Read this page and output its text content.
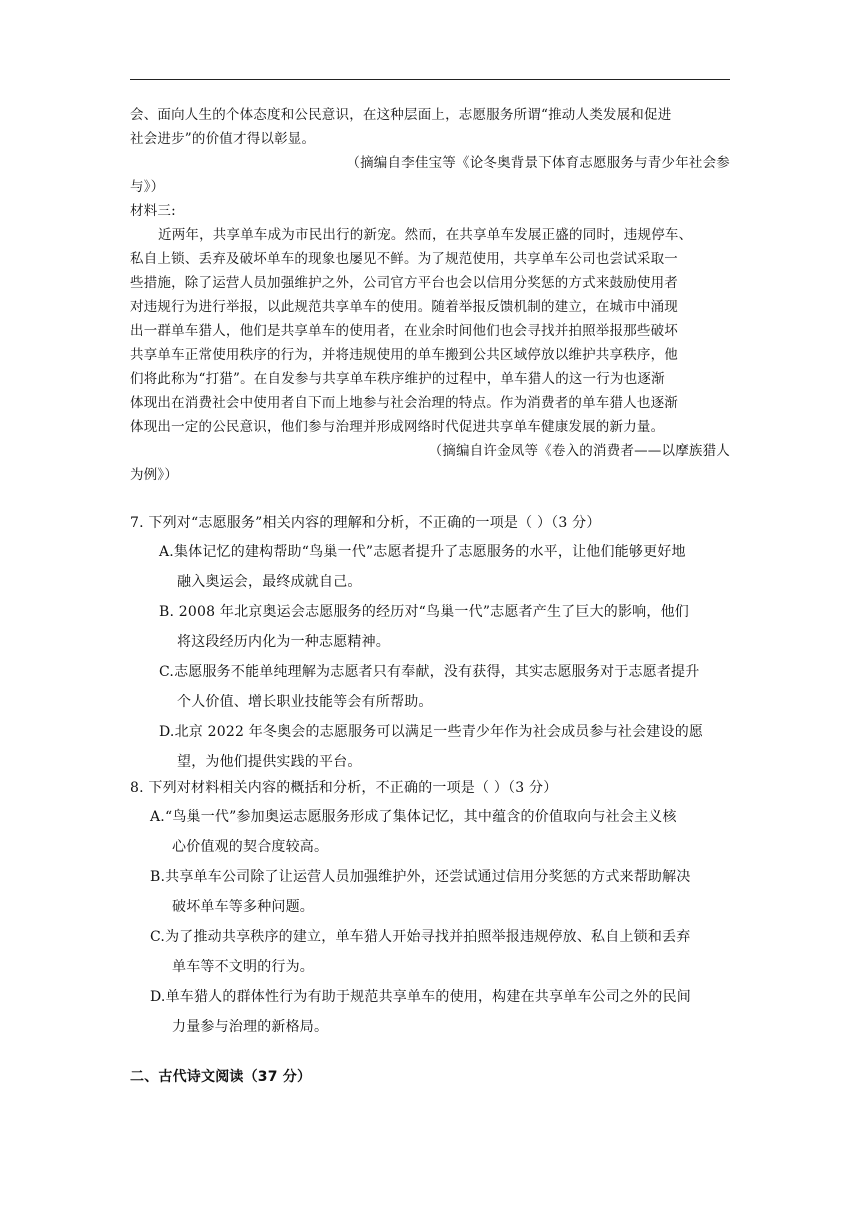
会、面向人生的个体态度和公民意识，在这种层面上，志愿服务所谓“推动人类发展和促进
社会进步”的价值才得以彰显。
（摘编自李佳宝等《论冬奥背景下体育志愿服务与青少年社会参
与》）
材料三:
近两年，共享单车成为市民出行的新宠。然而，在共享单车发展正盛的同时，违规停车、
私自上锁、丢弃及破坏单车的现象也屡见不鲜。为了规范使用，共享单车公司也尝试采取一
些措施，除了运营人员加强维护之外，公司官方平台也会以信用分奖惩的方式来鼓励使用者
对违规行为进行举报，以此规范共享单车的使用。随着举报反馈机制的建立，在城市中涌现
出一群单车猎人，他们是共享单车的使用者，在业余时间他们也会寻找并拍照举报那些破坏
共享单车正常使用秩序的行为，并将违规使用的单车搬到公共区域停放以维护共享秩序，他
们将此称为“打猎”。在自发参与共享单车秩序维护的过程中，单车猎人的这一行为也逐渐
体现出在消费社会中使用者自下而上地参与社会治理的特点。作为消费者的单车猎人也逐渐
体现出一定的公民意识，他们参与治理并形成网络时代促进共享单车健康发展的新力量。
（摘编自许金凤等《卷入的消费者——以摩族猎人
为例》）
7. 下列对“志愿服务”相关内容的理解和分析，不正确的一项是（ ）（3 分）
A.集体记忆的建构帮助“鸟巢一代”志愿者提升了志愿服务的水平，让他们能够更好地
融入奥运会，最终成就自己。
B. 2008 年北京奥运会志愿服务的经历对“鸟巢一代”志愿者产生了巨大的影响，他们
将这段经历内化为一种志愿精神。
C.志愿服务不能单纯理解为志愿者只有奉献，没有获得，其实志愿服务对于志愿者提升
个人价值、增长职业技能等会有所帮助。
D.北京 2022 年冬奥会的志愿服务可以满足一些青少年作为社会成员参与社会建设的愿
望，为他们提供实践的平台。
8. 下列对材料相关内容的概括和分析，不正确的一项是（ ）（3 分）
A.“鸟巢一代”参加奥运志愿服务形成了集体记忆，其中蕴含的价值取向与社会主义核
心价值观的契合度较高。
B.共享单车公司除了让运营人员加强维护外，还尝试通过信用分奖惩的方式来帮助解决
破坏单车等多种问题。
C.为了推动共享秩序的建立，单车猎人开始寻找并拍照举报违规停放、私自上锁和丢弃
单车等不文明的行为。
D.单车猎人的群体性行为有助于规范共享单车的使用，构建在共享单车公司之外的民间
力量参与治理的新格局。
二、古代诗文阅读（37 分）
